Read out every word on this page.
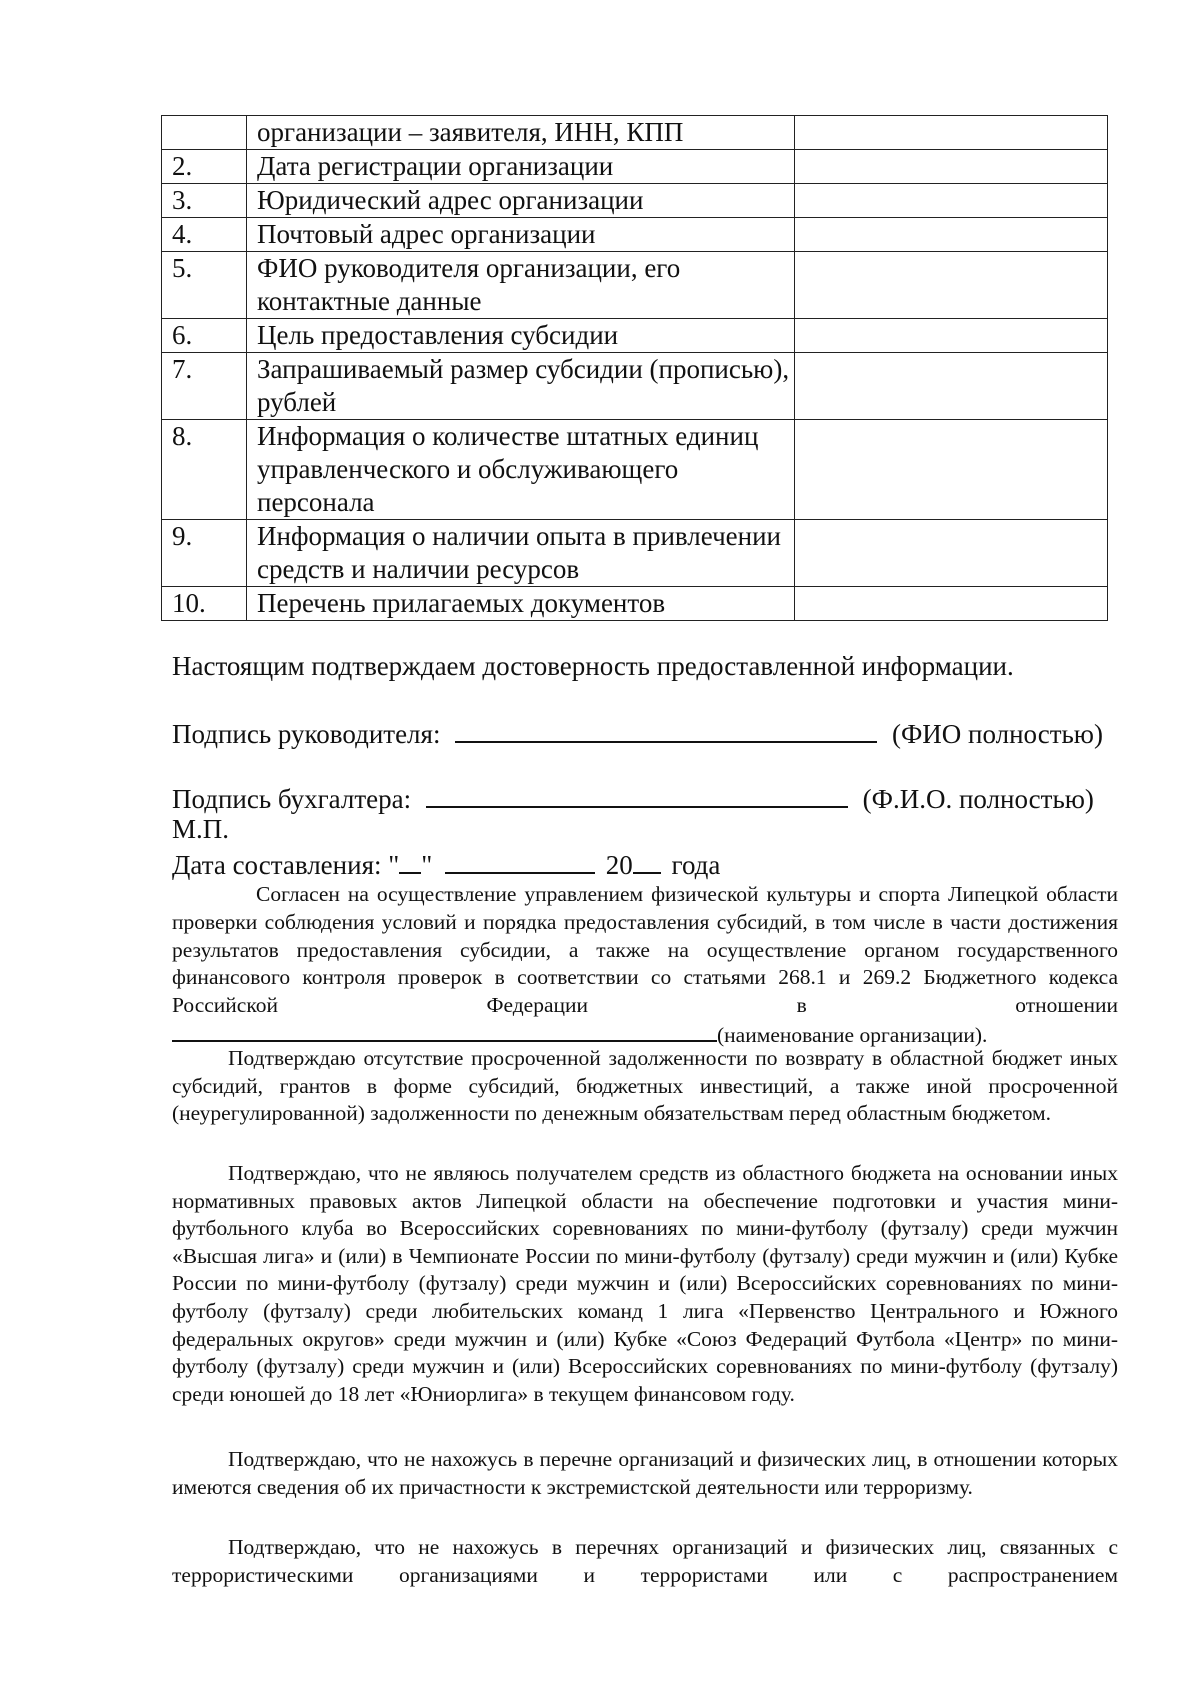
	организации – заявителя, ИНН, КПП	
2.	Дата регистрации организации	
3.	Юридический адрес организации	
4.	Почтовый адрес организации	
5.	ФИО руководителя организации, его контактные данные	
6.	Цель предоставления субсидии	
7.	Запрашиваемый размер субсидии (прописью), рублей	
8.	Информация о количестве штатных единиц управленческого и обслуживающего персонала	
9.	Информация о наличии опыта в привлечении средств и наличии ресурсов	
10.	Перечень прилагаемых документов	
Настоящим подтверждаем достоверность предоставленной информации.
Подпись руководителя:	(ФИО полностью)
Подпись бухгалтера:	(Ф.И.О. полностью)
М.П.
Дата составления: " "	20 года
Согласен на осуществление управлением физической культуры и спорта Липецкой области проверки соблюдения условий и порядка предоставления субсидий, в том числе в части достижения результатов предоставления субсидии, а также на осуществление органом государственного финансового контроля проверок в соответствии со статьями 268.1 и 269.2 Бюджетного кодекса Российской Федерации в отношении
(наименование организации).
Подтверждаю отсутствие просроченной задолженности по возврату в областной бюджет иных субсидий, грантов в форме субсидий, бюджетных инвестиций, а также иной просроченной (неурегулированной) задолженности по денежным обязательствам перед областным бюджетом.
Подтверждаю, что не являюсь получателем средств из областного бюджета на основании иных нормативных правовых актов Липецкой области на обеспечение подготовки и участия мини-футбольного клуба во Всероссийских соревнованиях по мини-футболу (футзалу) среди мужчин «Высшая лига» и (или) в Чемпионате России по мини-футболу (футзалу) среди мужчин и (или) Кубке России по мини-футболу (футзалу) среди мужчин и (или) Всероссийских соревнованиях по мини-футболу (футзалу) среди любительских команд 1 лига «Первенство Центрального и Южного федеральных округов» среди мужчин и (или) Кубке «Союз Федераций Футбола «Центр» по мини-футболу (футзалу) среди мужчин и (или) Всероссийских соревнованиях по мини-футболу (футзалу) среди юношей до 18 лет «Юниорлига» в текущем финансовом году.
Подтверждаю, что не нахожусь в перечне организаций и физических лиц, в отношении которых имеются сведения об их причастности к экстремистской деятельности или терроризму.
Подтверждаю, что не нахожусь в перечнях организаций и физических лиц, связанных с террористическими организациями и террористами или с распространением
